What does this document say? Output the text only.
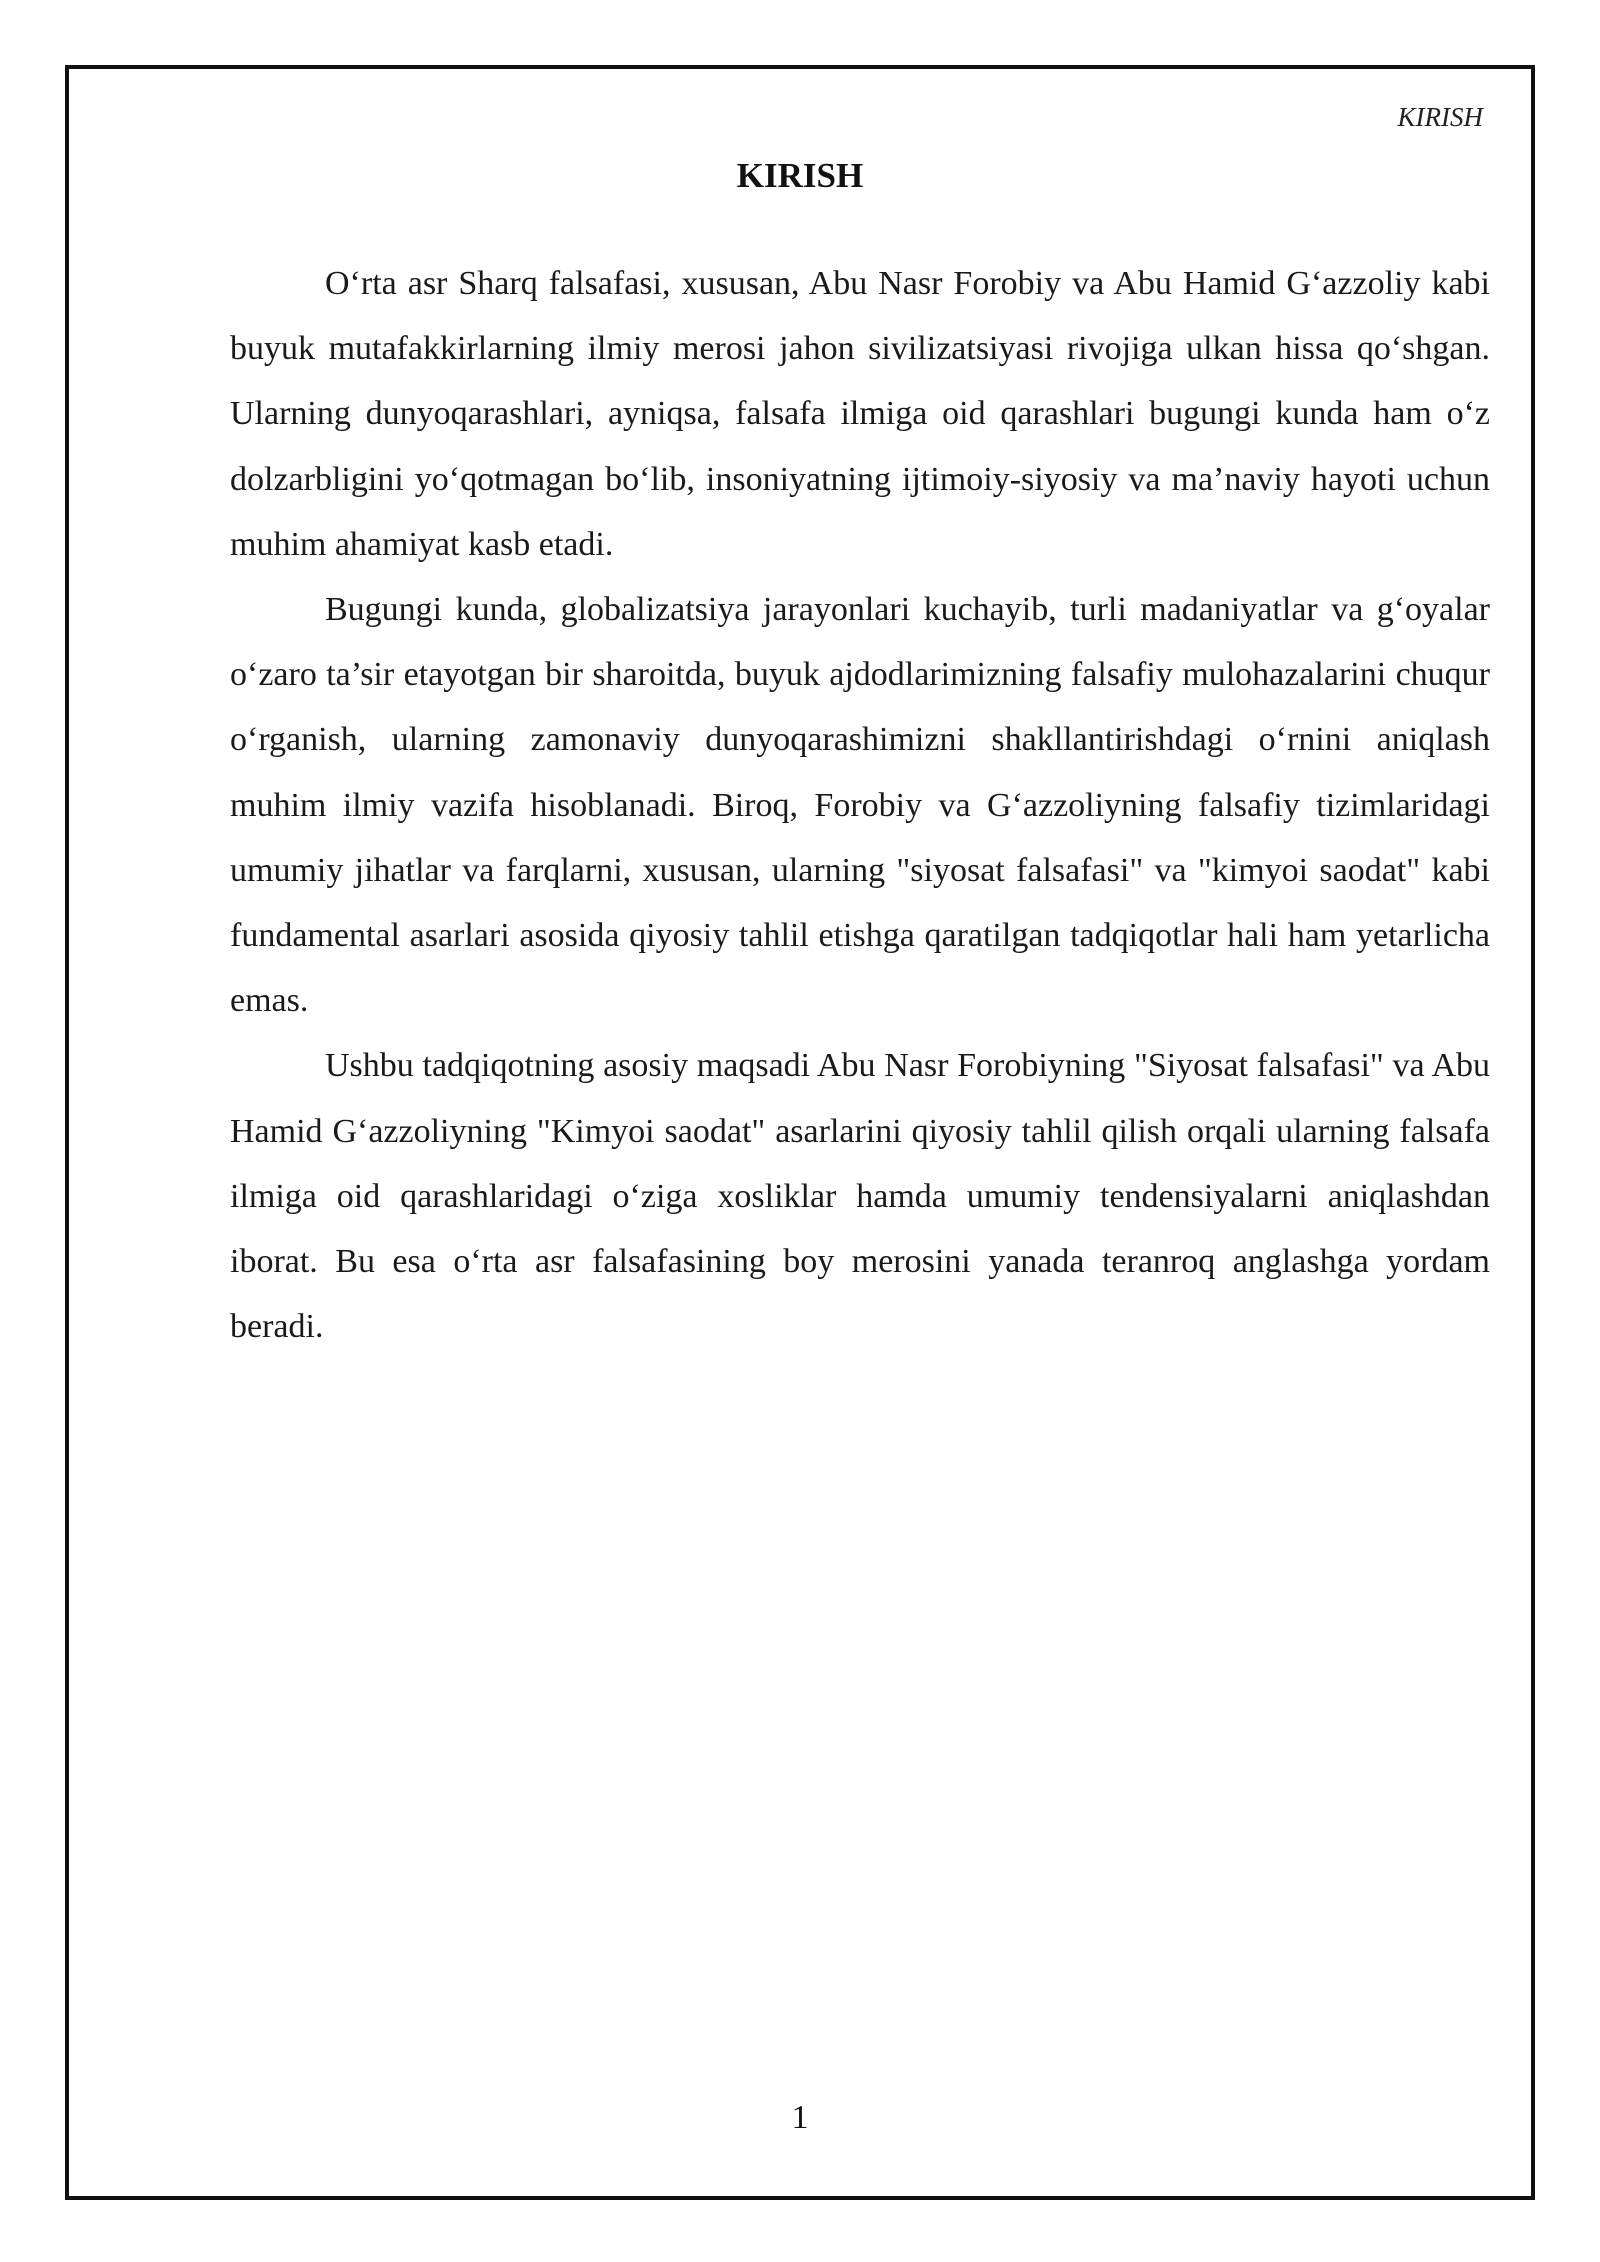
KIRISH
KIRISH

O‘rta asr Sharq falsafasi, xususan, Abu Nasr Forobiy va Abu Hamid G‘azzoliy kabi buyuk mutafakkirlarning ilmiy merosi jahon sivilizatsiyasi rivojiga ulkan hissa qo‘shgan. Ularning dunyoqarashlari, ayniqsa, falsafa ilmiga oid qarashlari bugungi kunda ham o‘z dolzarbligini yo‘qotmagan bo‘lib, insoniyatning ijtimoiy-siyosiy va ma’naviy hayoti uchun muhim ahamiyat kasb etadi.

Bugungi kunda, globalizatsiya jarayonlari kuchayib, turli madaniyatlar va g‘oyalar o‘zaro ta’sir etayotgan bir sharoitda, buyuk ajdodlarimizning falsafiy mulohazalarini chuqur o‘rganish, ularning zamonaviy dunyoqarashimizni shakllantirishdagi o‘rnini aniqlash muhim ilmiy vazifa hisoblanadi. Biroq, Forobiy va G‘azzoliyning falsafiy tizimlaridagi umumiy jihatlar va farqlarni, xususan, ularning "siyosat falsafasi" va "kimyoi saodat" kabi fundamental asarlari asosida qiyosiy tahlil etishga qaratilgan tadqiqotlar hali ham yetarlicha emas.

Ushbu tadqiqotning asosiy maqsadi Abu Nasr Forobiyning "Siyosat falsafasi" va Abu Hamid G‘azzoliyning "Kimyoi saodat" asarlarini qiyosiy tahlil qilish orqali ularning falsafa ilmiga oid qarashlaridagi o‘ziga xosliklar hamda umumiy tendensiyalarni aniqlashdan iborat. Bu esa o‘rta asr falsafasining boy merosini yanada teranroq anglashga yordam beradi.

1
